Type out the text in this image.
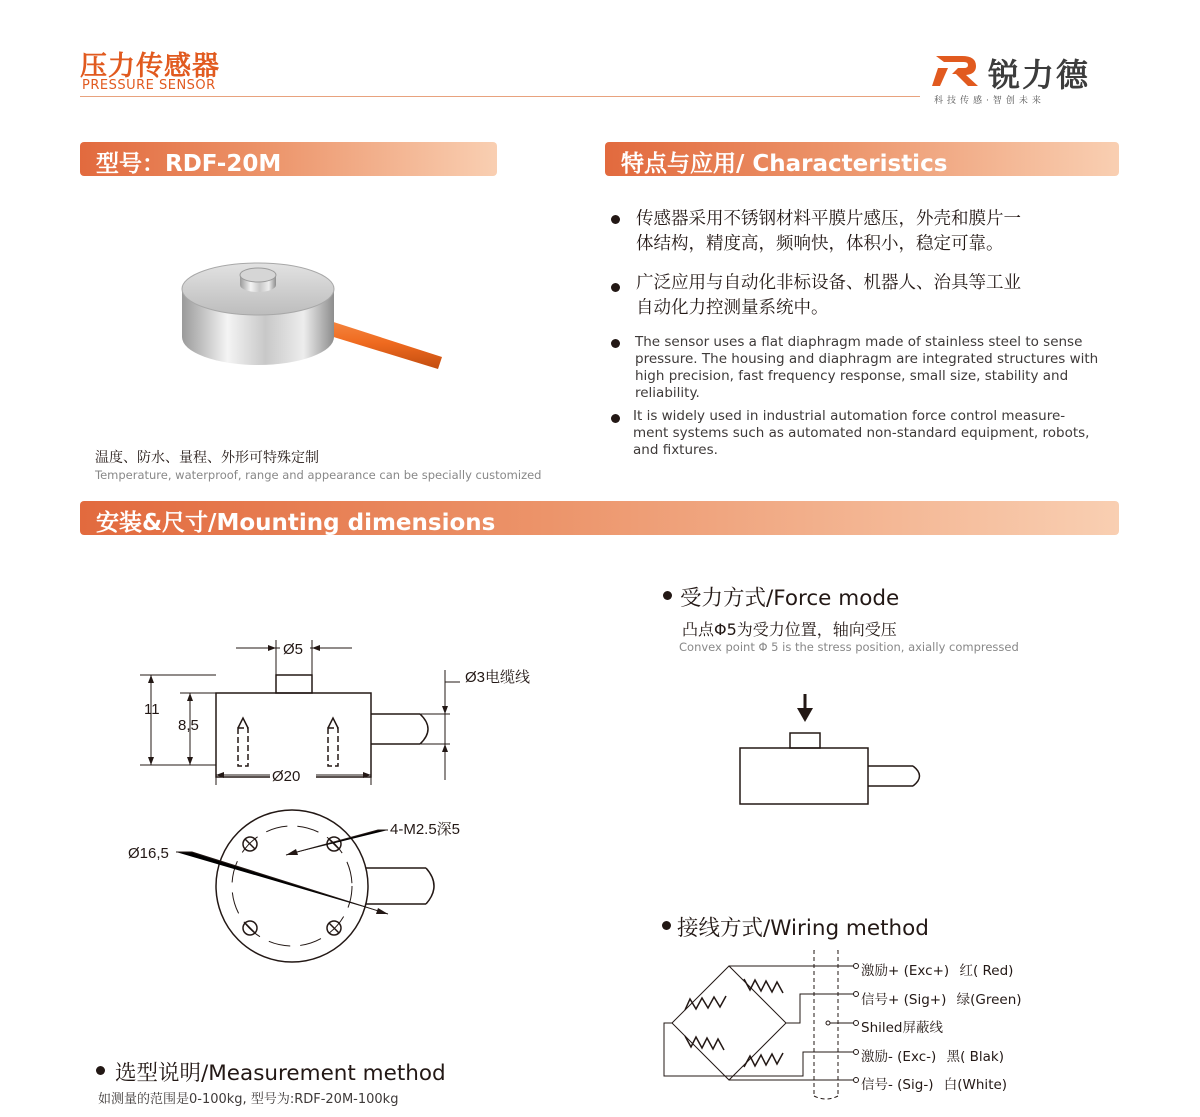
压力传感器
PRESSURE SENSOR	锐力德
科技传感·智创未来
型号：RDF-20M
温度、防水、量程、外形可特殊定制
Temperature, waterproof, range and appearance can be specially customized
特点与应用/ Characteristics
传感器采用不锈钢材料平膜片感压，外壳和膜片一
体结构，精度高，频响快，体积小，稳定可靠。
广泛应用与自动化非标设备、机器人、治具等工业
自动化力控测量系统中。
The sensor uses a flat diaphragm made of stainless steel to sense
pressure. The housing and diaphragm are integrated structures with
high precision, fast frequency response, small size, stability and
reliability.
It is widely used in industrial automation force control measure-
ment systems such as automated non-standard equipment, robots,
and fixtures.
安装&尺寸/Mounting dimensions
Ø5
Ø3电缆线
11
8,5
Ø20
Ø16,5
4-M2.5深5
受力方式/Force mode
凸点Φ5为受力位置，轴向受压
Convex point Φ 5 is the stress position, axially compressed
接线方式/Wiring method
激励+ (Exc+) 红( Red)
信号+ (Sig+) 绿(Green)
Shiled屏蔽线
激励- (Exc-) 黑( Blak)
信号- (Sig-) 白(White)
选型说明/Measurement method
如测量的范围是0-100kg, 型号为:RDF-20M-100kg
